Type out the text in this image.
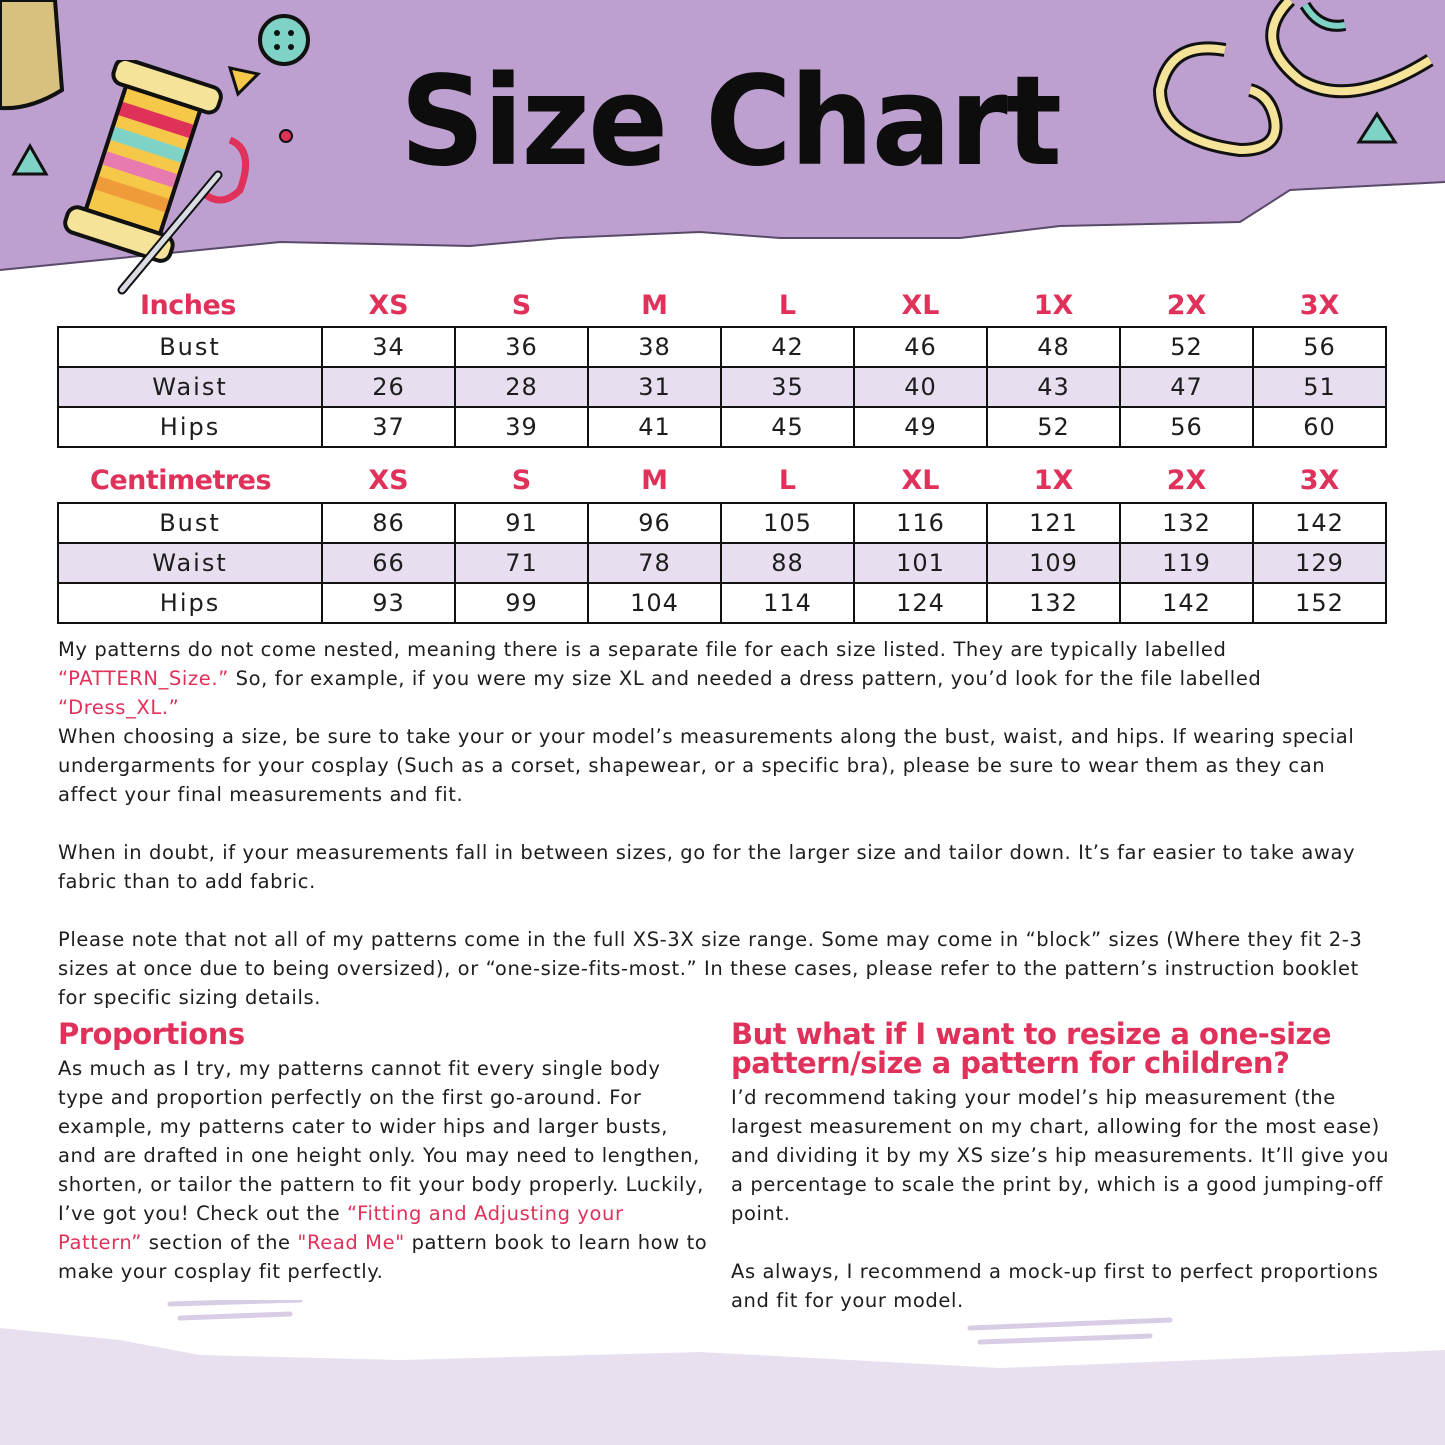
Size Chart
Inches	XS	S	M	L	XL	1X	2X	3X
Bust	34	36	38	42	46	48	52	56
Waist	26	28	31	35	40	43	47	51
Hips	37	39	41	45	49	52	56	60
Centimetres	XS	S	M	L	XL	1X	2X	3X
Bust	86	91	96	105	116	121	132	142
Waist	66	71	78	88	101	109	119	129
Hips	93	99	104	114	124	132	142	152

My patterns do not come nested, meaning there is a separate file for each size listed. They are typically labelled
“PATTERN_Size.” So, for example, if you were my size XL and needed a dress pattern, you’d look for the file labelled
“Dress_XL.”

When choosing a size, be sure to take your or your model’s measurements along the bust, waist, and hips. If wearing special undergarments for your cosplay (Such as a corset, shapewear, or a specific bra), please be sure to wear them as they can affect your final measurements and fit.

When in doubt, if your measurements fall in between sizes, go for the larger size and tailor down. It’s far easier to take away fabric than to add fabric.

Please note that not all of my patterns come in the full XS-3X size range. Some may come in “block” sizes (Where they fit 2-3 sizes at once due to being oversized), or “one-size-fits-most.” In these cases, please refer to the pattern’s instruction booklet for specific sizing details.

Proportions

As much as I try, my patterns cannot fit every single body type and proportion perfectly on the first go-around. For example, my patterns cater to wider hips and larger busts, and are drafted in one height only. You may need to lengthen, shorten, or tailor the pattern to fit your body properly. Luckily, I’ve got you! Check out the “Fitting and Adjusting your Pattern” section of the "Read Me" pattern book to learn how to make your cosplay fit perfectly.

But what if I want to resize a one-size pattern/size a pattern for children?

I’d recommend taking your model’s hip measurement (the largest measurement on my chart, allowing for the most ease) and dividing it by my XS size’s hip measurements. It’ll give you a percentage to scale the print by, which is a good jumping-off point.

As always, I recommend a mock-up first to perfect proportions and fit for your model.
